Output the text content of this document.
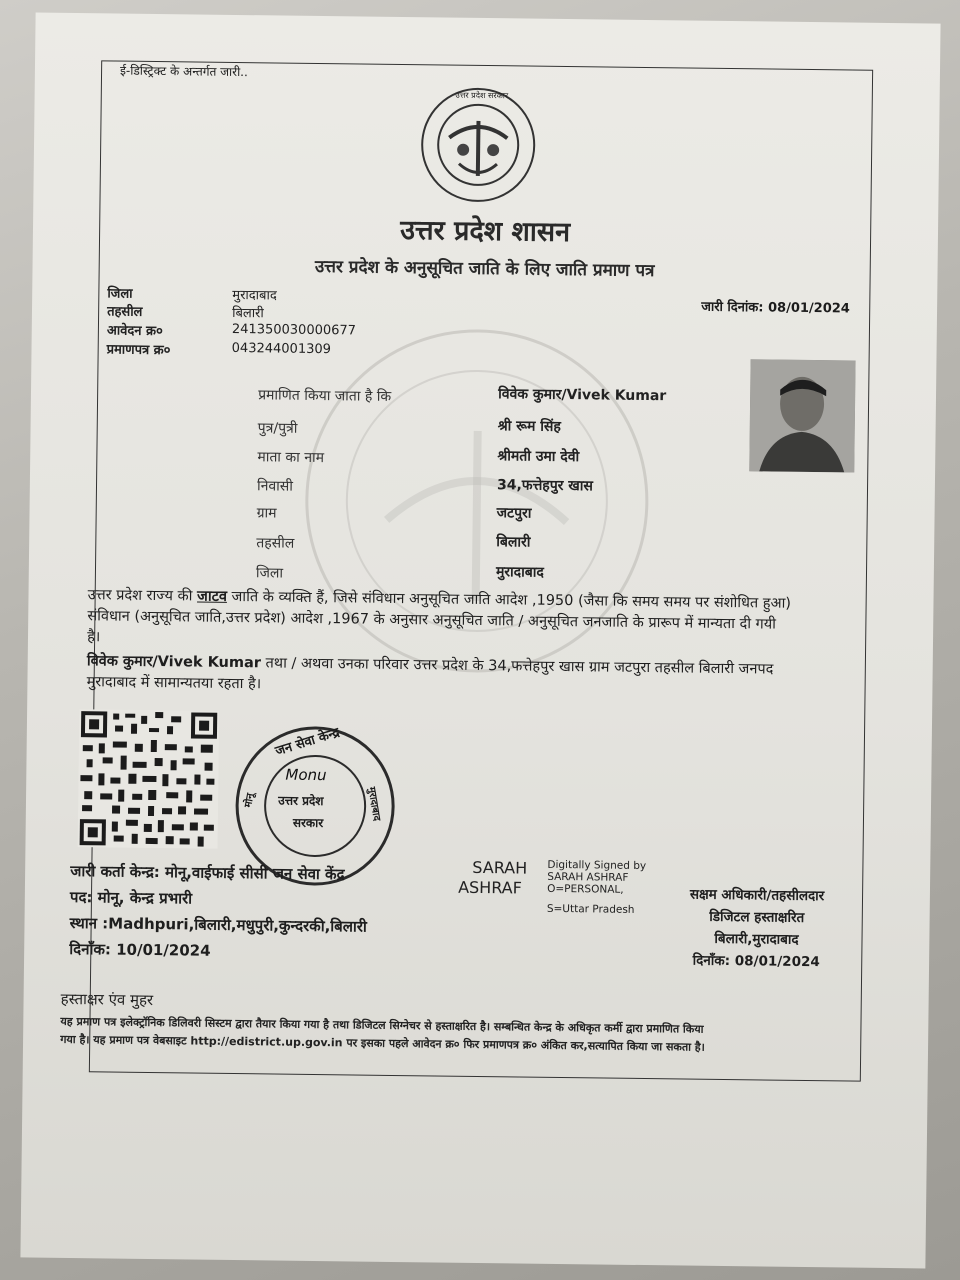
ई-डिस्ट्रिक्ट के अन्तर्गत जारी..
उत्तर प्रदेश सरकार
उत्तर प्रदेश शासन
उत्तर प्रदेश के अनुसूचित जाति के लिए जाति प्रमाण पत्र
जिला	मुरादाबाद
तहसील	बिलारी
आवेदन क्र०	241350030000677
प्रमाणपत्र क्र०	043244001309
जारी दिनांक: 08/01/2024
प्रमाणित किया जाता है कि	विवेक कुमार/Vivek Kumar
पुत्र/पुत्री	श्री रूम सिंह
माता का नाम	श्रीमती उमा देवी
निवासी	34,फत्तेहपुर खास
ग्राम	जटपुरा
तहसील	बिलारी
जिला	मुरादाबाद
उत्तर प्रदेश राज्य की जाटव जाति के व्यक्ति हैं, जिसे संविधान अनुसूचित जाति आदेश ,1950 (जैसा कि समय समय पर संशोधित हुआ)
संविधान (अनुसूचित जाति,उत्तर प्रदेश) आदेश ,1967 के अनुसार अनुसूचित जाति / अनुसूचित जनजाति के प्रारूप में मान्यता दी गयी
है।
विवेक कुमार/Vivek Kumar तथा / अथवा उनका परिवार उत्तर प्रदेश के 34,फत्तेहपुर खास ग्राम जटपुरा तहसील बिलारी जनपद
मुरादाबाद में सामान्यतया रहता है।
जन सेवा केन्द्र
मोनू	मुरादाबाद
Monu
उत्तर प्रदेश
सरकार
जारी कर्ता केन्द्र: मोनू,वाईफाई सीसी जन सेवा केंद्र
पद: मोनू, केन्द्र प्रभारी
स्थान :Madhpuri,बिलारी,मधुपुरी,कुन्दरकी,बिलारी
दिनाँक: 10/01/2024
SARAH
ASHRAF
Digitally Signed by
SARAH ASHRAF
O=PERSONAL,
S=Uttar Pradesh
सक्षम अधिकारी/तहसीलदार
डिजिटल हस्ताक्षरित
बिलारी,मुरादाबाद
दिनाँक: 08/01/2024
हस्ताक्षर एंव मुहर
यह प्रमाण पत्र इलेक्ट्रॉनिक डिलिवरी सिस्टम द्वारा तैयार किया गया है तथा डिजिटल सिग्नेचर से हस्ताक्षरित है। सम्बन्धित केन्द्र के अधिकृत कर्मी द्वारा प्रमाणित किया
गया है। यह प्रमाण पत्र वेबसाइट http://edistrict.up.gov.in पर इसका पहले आवेदन क्र० फिर प्रमाणपत्र क्र० अंकित कर,सत्यापित किया जा सकता है।
